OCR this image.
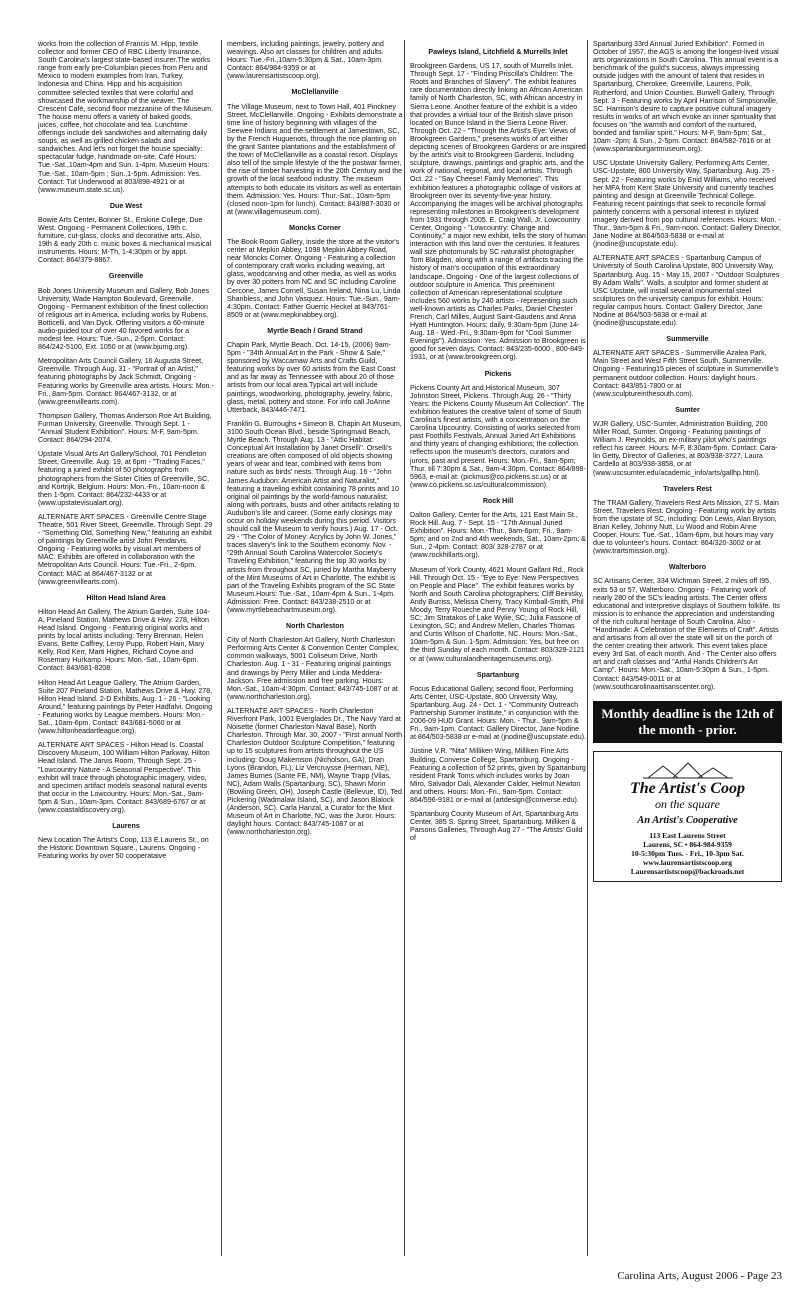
works from the collection of Francis M. Hipp, textile collector and former CEO of RBC Liberty Insurance, South Carolina's largest state-based insurer.The works range from early pre-Columbian pieces from Peru and Mexico to modern examples from Iran, Turkey, Indonesia and China. Hipp and his acquisition committee selected textiles that were colorful and showcased the workmanship of the weaver. The Crescent Café, second floor mezzanine of the Museum. The house menu offers a variety of baked goods, juices, coffee, hot chocolate and tea. Lunchtime offerings include deli sandwiches and alternating daily soups, as well as grilled chicken salads and sandwiches. And let's not forget the house specialty: spectacular fudge, handmade on-site. Café Hours: Tue.-Sat.,10am-4pm and Sun. 1-4pm. Museum Hours: Tue.-Sat., 10am-5pm ; Sun.,1-5pm. Admission: Yes. Contact: Tut Underwood at 803/898-4921 or at (www.museum.state.sc.us).
Due West
Bowie Arts Center, Bonner St., Erskine College, Due West. Ongoing - Permanent Collections, 19th c. furniture, cut-glass, clocks and decorative arts. Also, 19th & early 20th c. music boxes & mechanical musical instruments. Hours: M-Th, 1-4:30pm or by appt. Contact: 864/379-8867.
Greenville
Bob Jones University Museum and Gallery, Bob Jones University, Wade Hampton Boulevard, Greenville. Ongoing - Permanent exhibition of the finest collection of religious art in America, including works by Rubens, Botticelli, and Van Dyck. Offering visitors a 60-minute audio-guided tour of over 40 favored works for a modest fee. Hours: Tue.-Sun., 2-5pm. Contact: 864/242-5100, Ext. 1050 or at (www.bjumg.org).
Metropolitan Arts Council Gallery, 16 Augusta Street, Greenville. Through Aug. 31 - "Portrait of an Artist," featuring photographs by Jack Schmidt. Ongoing - Featuring works by Greenville area artists. Hours: Mon.-Fri., 8am-5pm. Contact: 864/467-3132, or at (www.greenvillearts.com).
Thompson Gallery, Thomas Anderson Roe Art Building, Furman University, Greenville. Through Sept. 1 - "Annual Student Exhibition". Hours: M-F, 9am-5pm. Contact: 864/294-2074.
Upstate Visual Arts Art Gallery/School, 701 Pendleton Street, Greenville. Aug. 19, at 6pm - "Trading Faces," featuring a juried exhibit of 50 photographs from photographers from the Sister Cities of Greenville, SC, and Kortrijk, Belgium. Hours: Mon.-Fri., 10am-noon & then 1-5pm. Contact: 864/232-4433 or at (www.upstatevisualart.org).
ALTERNATE ART SPACES - Greenville Centre Stage Theatre, 501 River Street, Greenville. Through Sept. 29 - "Something Old, Something New," featuring an exhibit of paintings by Greenville artist John Pendarvis. Ongoing - Featuring works by visual art members of MAC. Exhibits are offered in collaboration with the Metropolitan Arts Council. Hours: Tue.-Fri., 2-6pm. Contact: MAC at 864/467-3132 or at (www.greenvillearts.com).
Hilton Head Island Area
Hilton Head Art Gallery, The Atrium Garden, Suite 104-A, Pineland Station, Mathews Drive & Hwy. 278, Hilton Head Island. Ongoing - Featuring original works and prints by local artists including: Terry Brennan, Helen Evans, Bette Caffrey, Leroy Pupp, Robert Hain, Mary Kelly, Rod Kerr, Marti Highes, Richard Coyne and Rosemary Hurkamp. Hours: Mon.-Sat., 10am-6pm. Contact: 843/681-8208.
Hilton Head Art League Gallery, The Atrium Garden, Suite 207 Pineland Station, Mathews Drive & Hwy. 278, Hilton Head Island. 2-D Exhibits, Aug. 1 - 26 - "Looking Around," featuring paintings by Peter Hadfalvi. Ongoing - Featuring works by League members. Hours: Mon.-Sat., 10am-6pm. Contact: 843/681-5060 or at (www.hiltonheadartleague.org).
ALTERNATE ART SPACES - Hilton Head Is. Coastal Discovery Museum, 100 William Hilton Parkway, Hilton Head Island. The Jarvis Room, Through Sept. 25 - "Lowcountry Nature - A Seasonal Perspective". This exhibit will trace through photographic imagery, video, and specimen artifact models seasonal natural events that occur in the Lowcountry. Hours: Mon.-Sat., 9am-5pm & Sun., 10am-3pm. Contact: 843/689-6767 or at (www.coastaldiscovery.org).
Laurens
New Location The Artist's Coop, 113 E.Laurens St., on the Historic Downtown Square., Laurens. Ongoing - Featuring works by over 50 cooperataive
members, including paintings, jewelry, pottery and weavings. Also art classes for children and adults. Hours: Tue.-Fri.,10am-5:30pm & Sat., 10am-3pm. Contact: 864/984-9359 or at (www.laurensartistscoop.org).
McClellanville
The Village Museum, next to Town Hall, 401 Pinckney Street, McClellanville. Ongoing - Exhibits demonstrate a time line of history beginning with villages of the Seewee Indians and the settlement at Jamestown, SC, by the French Huguenots, through the rice planting on the grant Santee plantations and the establishment of the town of McClellanville as a coastal resort. Displays also tell of the simple lifestyle of the the postwar farmer, the rise of timber harvesting in the 20th Century and the growth of the local seafood industry. The museum attempts to both educate its visitors as well as entertain them. Admission: Yes. Hours: Thur.-Sat., 10am-5pm (closed noon-1pm for lunch). Contact: 843/887-3030 or at (www.villagemuseum.com).
Moncks Corner
The Book Room Gallery, inside the store at the visitor's center at Mepkin Abbey, 1098 Mepkin Abbey Road, near Moncks Corner. Ongoing - Featuring a collection of contemporary craft works including weaving, art glass, woodcarving and other media, as well as works by over 30 potters from NC and SC including Caroline Cercone, James Cornell, Susan Ireland, Nina Lu, Linda Shanbless, and John Vasquez. Hours: Tue.-Sun., 9am-4:30pm. Contact: Father Guerric Heckel at 843/761-8509 or at (www.mepkinabbey.org).
Myrtle Beach / Grand Strand
Chapin Park, Myrtle Beach. Oct. 14-15, (2006) 9am-5pm - "34th Annual Art in the Park - Show & Sale," sponsored by Waccamaw Arts and Crafts Guild, featuring works by over 60 artists from the East Coast and as far away as Tennessee with about 20 of those artists from our local area.Typical art will include paintings, woodworking, photography, jewelry, fabric, glass, metal, pottery and stone. For info call JoAnne Utterback, 843/446-7471.
Franklin G. Burroughs • Simeon B. Chapin Art Museum, 3100 South Ocean Blvd., beside Springmaid Beach, Myrtle Beach. Through Aug. 13 - "Attic Habitat: Conceptual Art Installation by Janet Orselli". Orselli's creations are often composed of old objects showing years of wear and tear, combined with items from nature such as birds' nests. Through Aug. 16 - "John James Audubon: American Artist and Naturalist," featuring a traveling exhibit containing 78 prints and 10 original oil paintings by the world-famous naturalist; along with portraits, busts and other artifacts relating to Audubon's life and career. (Some early closings may occur on holiday weekends during this period. Visitors should call the Museum to verify hours.) Aug. 17 - Oct. 29 - "The Color of Money: Acrylics by John W. Jones," traces slavery's link to the Southern economy. Nov. - "29th Annual South Carolina Watercolor Society's Traveling Exhibition," featuring the top 30 works by artists from throughout SC, juried by Martha Mayberry of the Mint Museums of Art in Charlotte. The exhibit is part of the Traveling Exhibits program of the SC State Museum.Hours: Tue.-Sat., 10am-4pm & Sun., 1-4pm. Admission: Free. Contact: 843/238-2510 or at (www.myrtlebeachartmuseum.org).
North Charleston
City of North Charleston Art Gallery, North Charleston Performing Arts Center & Convention Center Complex, common walkways, 5001 Coliseum Drive, North Charleston. Aug. 1 - 31 - Featuring original paintings and drawings by Perry Miller and Linda Meddera-Jackson. Free admission and free parking. Hours: Mon.-Sat., 10am-4:30pm. Contact: 843/745-1087 or at (www.northcharleston.org).
ALTERNATE ART SPACES - North Charleston Riverfront Park, 1001 Everglades Dr., The Navy Yard at Noisette (former Charleston Naval Base), North Charleston. Through Mar. 30, 2007 - "First annual North Charleston Outdoor Sculpture Competition," featuring up to 15 sculptures from artists throughout the US including: Doug Makemson (Nicholson, GA), Dran Lyons (Brandon, FL), Liz Vercruysse (Herman, NE), James Burnes (Sante FE, NM), Wayne Trapp (Vilas, NC), Adam Walls (Spartanburg, SC), Shawn Morin (Bowling Green, OH), Joseph Castle (Bellevue, ID), Ted Pickering (Wadmalaw Island, SC), and Jason Blalock (Anderson, SC). Carla Hanzal, a Curator for the Mint Museum of Art in Charlotte, NC, was the Juror. Hours: daylight hours. Contact: 843/745-1087 or at (www.northcharleston.org).
Pawleys Island, Litchfield & Murrells Inlet
Brookgreen Gardens, US 17, south of Murrells Inlet. Through Sept. 17 - "Finding Priscilla's Children: The Roots and Branches of Slavery". The exhibit features rare documentation directly linking an African American family of North Charleston, SC, with African ancestry in Sierra Leone. Another feature of the exhibit is a video that provides a virtual tour of the British slave prison located on Bunce Island in the Sierra Leone River. Through Oct. 22 - "Through the Artist's Eye: Views of Brookgreen Gardens," presents works of art either depicting scenes of Brookgreen Gardens or are inspired by the artist's visit to Brookgreen Gardens. Including sculpture, drawings, paintings and graphic arts, and the work of national, regional, and local artists. Through Oct. 22 - "Say Cheese! Family Memories". This exhibition features a photographic collage of visitors at Brookgreen over its seventy-five-year history. Accompanying the images will be archival photographs representing milestones in Brookgreen's development from 1931 through 2005. E. Craig Wall, Jr. Lowcountry Center, Ongoing - "Lowcountry: Change and Continuity," a major new exhibit, tells the story of human interaction with this land over the centuries. It features wall size photomurals by SC naturalist photographer Tom Blagden, along with a range of artifacts tracing the history of man's occupation of this extraordinary landscape. Ongoing - One of the largest collections of outdoor sculpture in America. This preeminent collection of American representational sculpture includes 560 works by 240 artists - representing such well-known artists as Charles Parks, Daniel Chester French, Carl Milles, August Saint-Gaudens and Anna Hyatt Huntington. Hours: daily, 9:30am-5pm (June 14-Aug. 18 - Wed.-Fri., 9:30am-9pm for "Cool Summer Evenings"). Admission: Yes. Admission to Brookgreen is good for seven days. Contact: 843/235-6000 , 800-849-1931, or at (www.brookgreen.org).
Pickens
Pickens County Art and Historical Museum, 307 Johnston Street, Pickens. Through Aug. 26 - "Thirty Years: the Pickens County Museum Art Collection". The exhibition features the creative talent of some of South Carolina's finest artists, with a concentration on the Carolina Upcountry. Consisting of works selected from past Foothills Festivals, Annual Juried Art Exhibitions and thirty years of changing exhibitions; the collection reflects upon the museum's directors, curators and jurors, past and present. Hours: Mon.-Fri., 9am-5pm; Thur. till 7:30pm & Sat., 9am-4:30pm. Contact: 864/898-5963, e-mail at: (pickmus@co.pickens.sc.us) or at (www.co.pickens.sc.us/culturalcommission).
Rock Hill
Dalton Gallery, Center for the Arts, 121 East Main St., Rock Hill. Aug. 7 - Sept. 15 - "17th Annual Juried Exhibition". Hours: Mon.-Thur., 9am-6pm; Fri., 9am-5pm; and on 2nd and 4th weekends, Sat., 10am-2pm; & Sun., 2-4pm. Contact: 803/ 328-2787 or at (www.rockhillarts.org).
Museum of York County, 4621 Mount Gallant Rd., Rock Hill. Through Oct. 15 - "Eye to Eye: New Perspectives on People and Place". The exhibit features works by North and South Carolina photographers: Cliff Beinisky, Andy Burriss, Melissa Cherry, Tracy Kimball-Smith, Phil Moody, Terry Roueche and Penny Young of Rock Hill, SC; Jim Stratakos of Lake Wylie, SC; Julia Fassone of Lexington, SC; and Andrew Mellen, Charles Thomas and Curtis Wilson of Charlotte, NC. Hours: Mon.-Sat., 10am-5pm & Sun. 1-5pm. Admission: Yes, but free on the third Sunday of each month. Contact: 803/329-2121 or at (www.culturalandheritagemuseums.org).
Spartanburg
Focus Educational Gallery, second floor, Performing Arts Center, USC-Upstate, 800 University Way, Spartanburg. Aug. 24 - Oct. 1 - "Community Outreach Partnership Summer Institute," in conjunction with the 2006-09 HUD Grant. Hours: Mon. - Thur., 9am-5pm & Fri., 9am-1pm. Contact: Gallery Director, Jane Nodine at 864/503-5838 or e-mail at (jnodine@uscupstate.edu).
Justine V.R. "Nita" Milliken Wing, Milliken Fine Arts Building, Converse College, Spartanburg. Ongoing - Featuring a collection of 52 prints, given by Spartanburg resident Frank Toms which includes works by Joan Miro, Salvador Dali, Alexander Calder, Helmut Newton and others. Hours: Mon.-Fri., 9am-5pm. Contact: 864/596-9181 or e-mail at (artdesign@converse.edu).
Spartanburg County Museum of Art, Spartanburg Arts Center, 385 S. Spring Street, Spartanburg. Milliken & Parsons Galleries, Through Aug 27 - "The Artists' Guild of
Spartanburg 33rd Annual Juried Exhibition". Formed in October of 1957, the AGS is among the longest-lived visual arts organizations in South Carolina. This annual event is a benchmark of the guild's success, always impressing outside judges with the amount of talent that resides in Spartanburg, Cherokee, Greenville, Laurens, Polk, Rutherford, and Union Counties. Burwell Gallery, Through Sept. 3 - Featuring works by April Harrison of Simpsonville, SC. Harrison's desire to capture positive cultural imagery results in works of art which evoke an inner spirituality that focuses on "the warmth and comfort of the nurtured, bonded and familiar spirit." Hours: M-F, 9am-5pm; Sat., 10am -2pm; & Sun., 2-5pm. Contact: 864/582-7616 or at (www.spartanburgartmuseum.org).
USC Upstate University Gallery, Performing Arts Center, USC-Upstate, 800 University Way, Spartanburg. Aug. 25 - Sept. 22 - Featuring works by Enid Williams, who received her MFA from Kent State University and currently teaches painting and design at Greenville Technical College. Featuring recent paintings that seek to reconcile formal painterly concerns with a personal interest in stylized imagery derived from pop cultural references. Hours: Mon. - Thur., 9am-5pm & Fri., 9am-noon. Contact: Gallery Director, Jane Nodine at 864/503-5838 or e-mail at (jnodine@uscupstate.edu).
ALTERNATE ART SPACES - Spartanburg Campus of University of South Carolina Upstate, 800 University Way, Spartanburg. Aug. 15 - May 15, 2007 - "Outdoor Sculptures By Adam Walls". Walls, a sculptor and former student at USC Upstate, will install several monumental steel sculptures on the university campus for exhibit. Hours: regular campus hours. Contact: Gallery Director, Jane Nodine at 864/503-5838 or e-mail at (jnodine@uscupstate.edu).
Summerville
ALTERNATE ART SPACES - Summerville Azalea Park, Main Street and West Fifth Street South, Summerville. Ongoing - Featuring15 pieces of sculpture in Summerville's permanent outdoor collection. Hours: daylight hours. Contact: 843/851-7800 or at (www.sculptureinthesouth.com).
Sumter
WJR Gallery, USC-Sumter, Administration Building, 200 Miller Road, Sumter. Ongoing - Featuring paintings of William J. Reynolds, an ex-military pilot who's paintings reflect his career. Hours: M-F, 8:30am-5pm. Contact: Cara-lin Getty, Director of Galleries, at 803/938-3727, Laura Cardello at 803/938-3858, or at (www.uscsumter.edu/academic_info/arts/gallhp.html).
Travelers Rest
The TRAM Gallery, Travelers Rest Arts Mission, 27 S. Main Street, Travelers Rest. Ongoing - Featuring work by artists from the upstate of SC, including: Don Lewis, Alan Bryson, Brian Kelley, Johnny Nutt, Lu Wood and Robin Anne Cooper. Hours: Tue.-Sat., 10am-6pm, but hours may vary due to volunteer's hours. Contact: 864/320-3002 or at (www.trartsmission.org).
Walterboro
SC Artisans Center, 334 Wichman Street, 2 miles off I95, exits 53 or 57, Walterboro. Ongoing - Featuring work of nearly 280 of the SC's leading artists. The Center offers educational and interpretive displays of Southern folklife. Its mission is to enhance the appreciation and understanding of the rich cultural heritage of South Carolina. Also - "Handmade: A Celebration of the Elements of Craft". Artists and artisans from all over the state will sit on the porch of the center creating their artwork. This event takes place every 3rd Sat. of each month. And - The Center also offers art and craft classes and "Artful Hands Children's Art Camp". Hours: Mon.-Sat., 10am-5:30pm & Sun., 1-5pm. Contact: 843/549-0011 or at (www.southcarolinaartisanscenter.org).
Monthly deadline is the 12th of the month - prior.
The Artist's Coop
on the square
An Artist's Cooperative
113 East Laurens Street
Laurens, SC • 864-984-9359
10-5:30pm Tues. - Fri., 10-3pm Sat.
www.laurensartistscoop.org
Laurensartistscoop@backroads.net
Carolina Arts, August 2006 - Page 23
